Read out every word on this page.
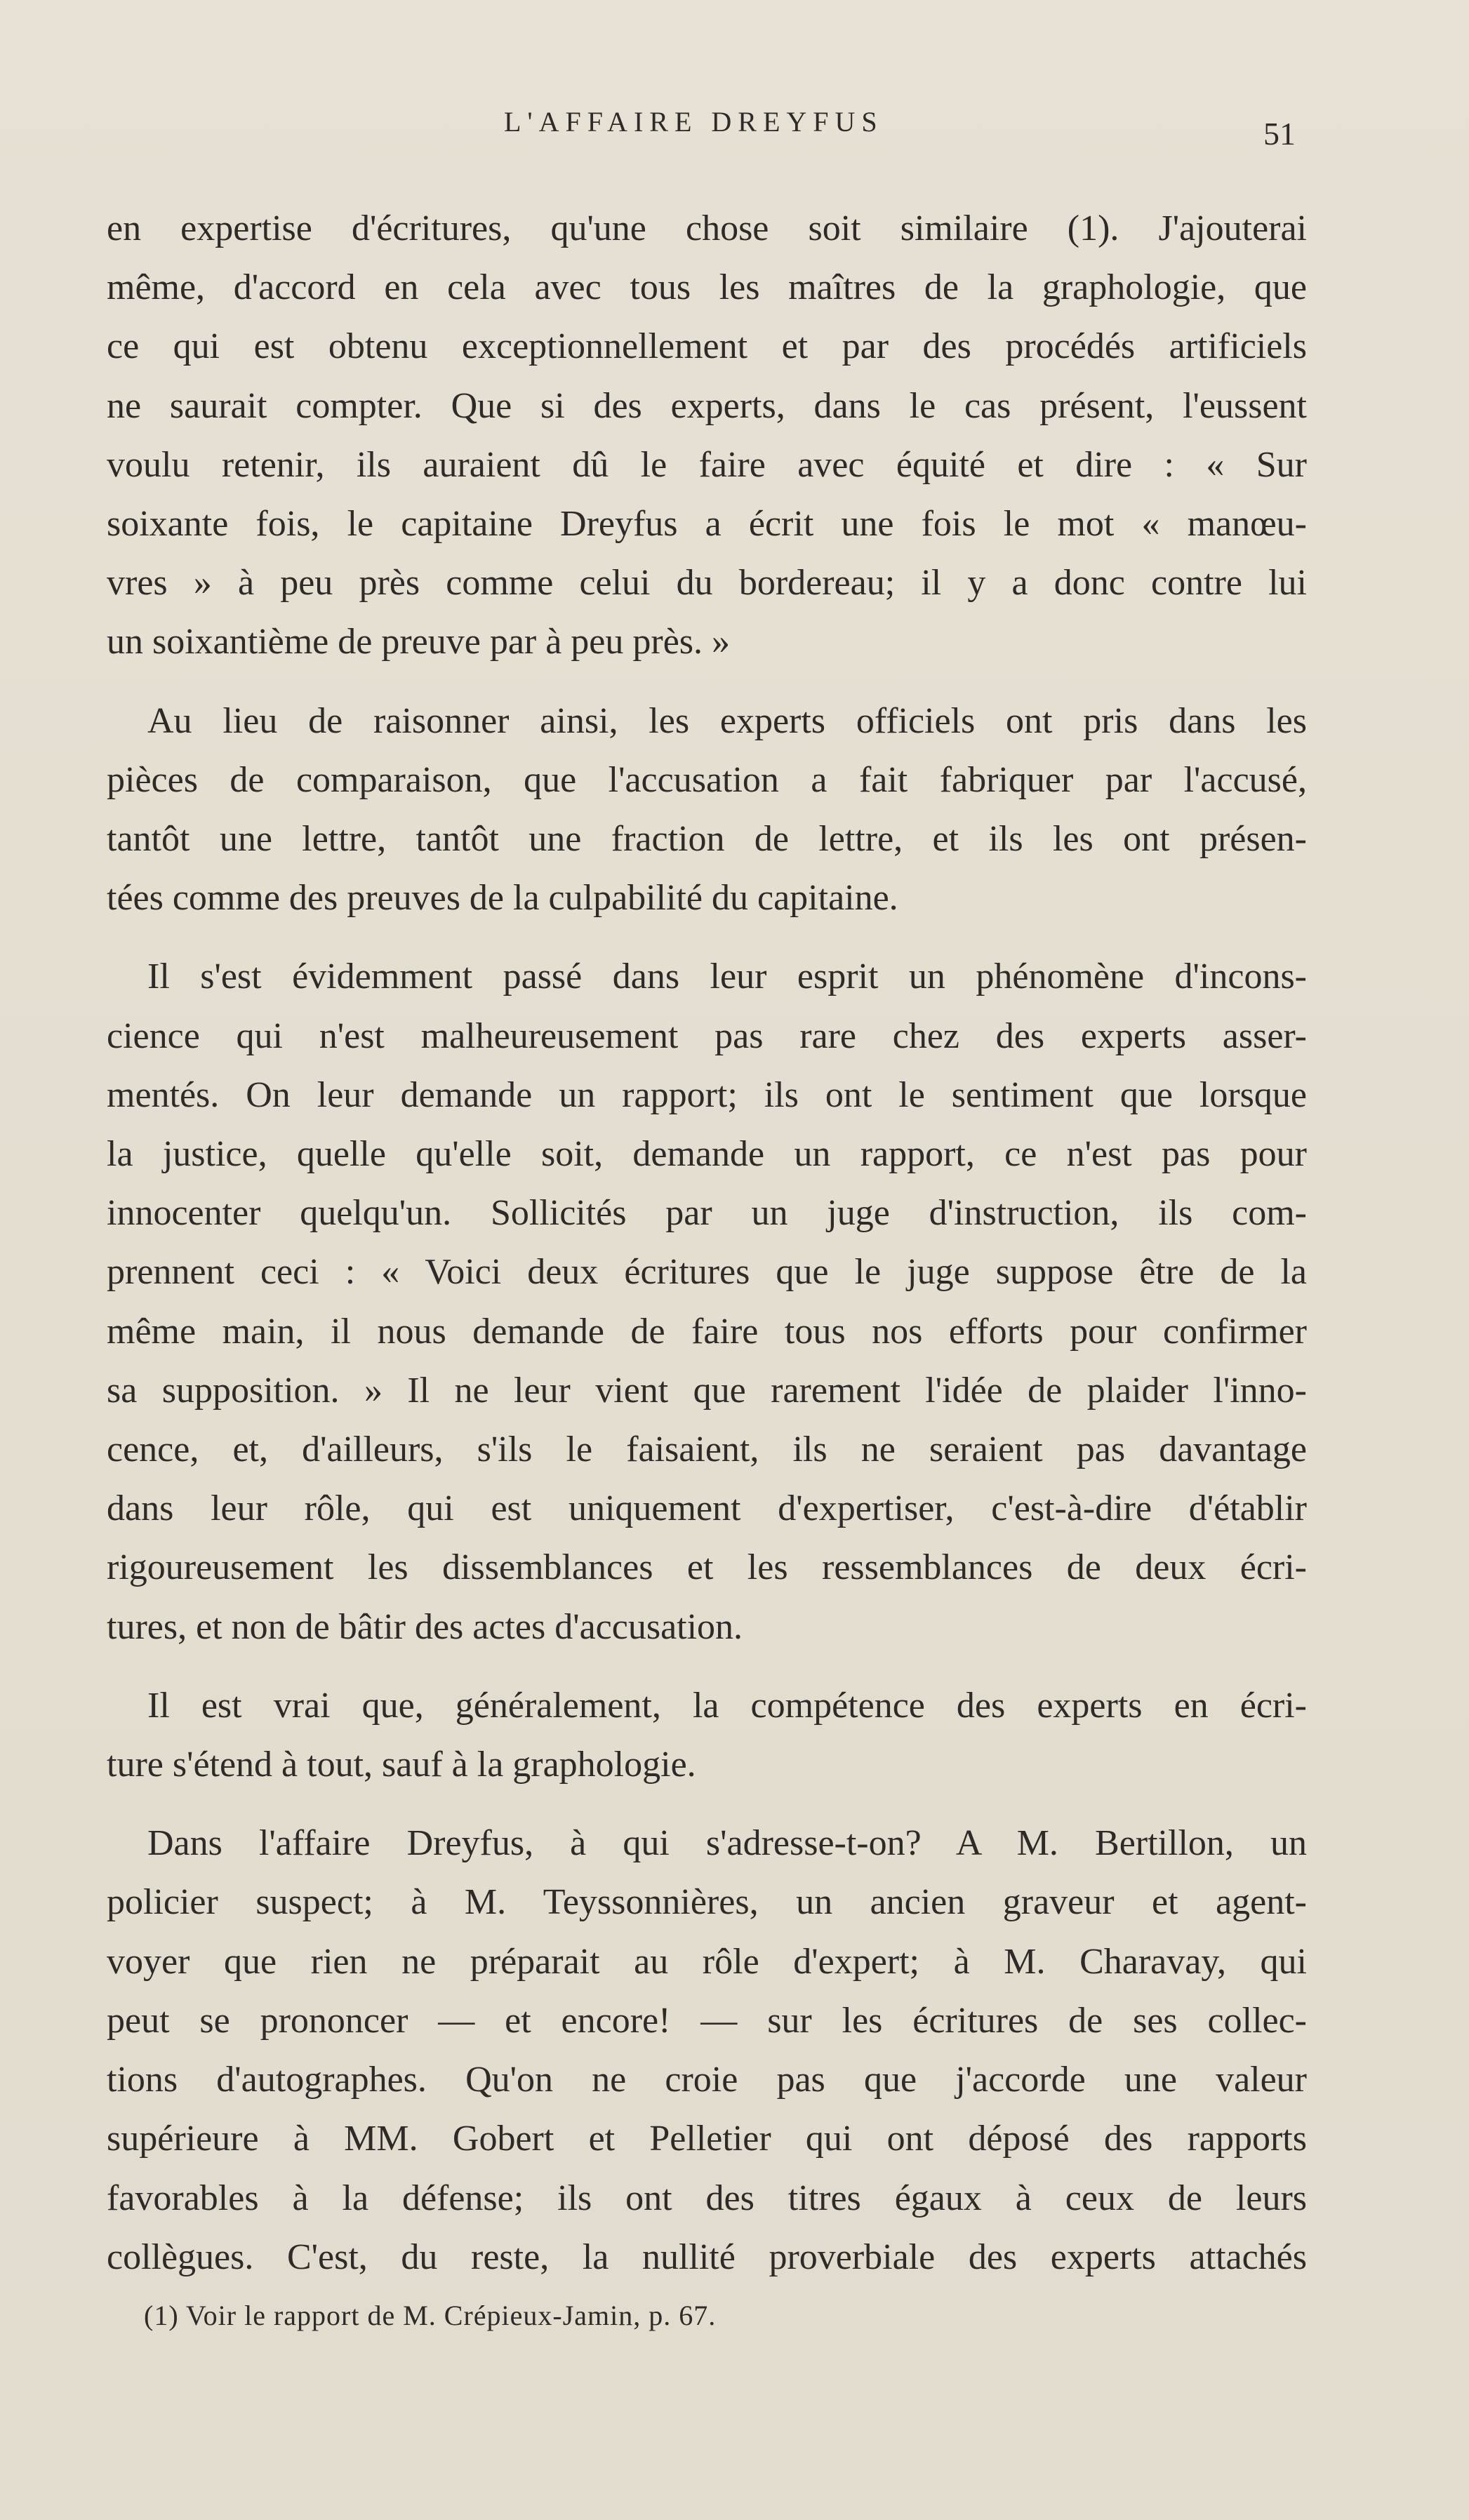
L'AFFAIRE DREYFUS	51

en expertise d'écritures, qu'une chose soit similaire (1). J'ajouterai
même, d'accord en cela avec tous les maîtres de la graphologie, que
ce qui est obtenu exceptionnellement et par des procédés artificiels
ne saurait compter. Que si des experts, dans le cas présent, l'eussent
voulu retenir, ils auraient dû le faire avec équité et dire : « Sur
soixante fois, le capitaine Dreyfus a écrit une fois le mot « manœu-
vres » à peu près comme celui du bordereau; il y a donc contre lui
un soixantième de preuve par à peu près. »

Au lieu de raisonner ainsi, les experts officiels ont pris dans les
pièces de comparaison, que l'accusation a fait fabriquer par l'accusé,
tantôt une lettre, tantôt une fraction de lettre, et ils les ont présen-
tées comme des preuves de la culpabilité du capitaine.

Il s'est évidemment passé dans leur esprit un phénomène d'incons-
cience qui n'est malheureusement pas rare chez des experts asser-
mentés. On leur demande un rapport; ils ont le sentiment que lorsque
la justice, quelle qu'elle soit, demande un rapport, ce n'est pas pour
innocenter quelqu'un. Sollicités par un juge d'instruction, ils com-
prennent ceci : « Voici deux écritures que le juge suppose être de la
même main, il nous demande de faire tous nos efforts pour confirmer
sa supposition. » Il ne leur vient que rarement l'idée de plaider l'inno-
cence, et, d'ailleurs, s'ils le faisaient, ils ne seraient pas davantage
dans leur rôle, qui est uniquement d'expertiser, c'est-à-dire d'établir
rigoureusement les dissemblances et les ressemblances de deux écri-
tures, et non de bâtir des actes d'accusation.

Il est vrai que, généralement, la compétence des experts en écri-
ture s'étend à tout, sauf à la graphologie.

Dans l'affaire Dreyfus, à qui s'adresse-t-on? A M. Bertillon, un
policier suspect; à M. Teyssonnières, un ancien graveur et agent-
voyer que rien ne préparait au rôle d'expert; à M. Charavay, qui
peut se prononcer — et encore! — sur les écritures de ses collec-
tions d'autographes. Qu'on ne croie pas que j'accorde une valeur
supérieure à MM. Gobert et Pelletier qui ont déposé des rapports
favorables à la défense; ils ont des titres égaux à ceux de leurs
collègues. C'est, du reste, la nullité proverbiale des experts attachés

(1) Voir le rapport de M. Crépieux-Jamin, p. 67.
